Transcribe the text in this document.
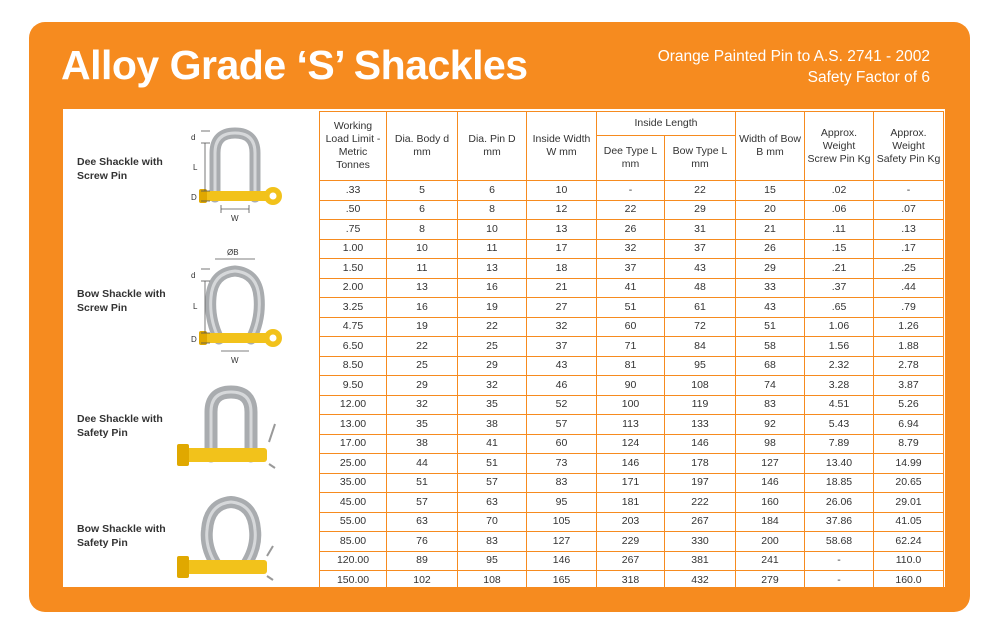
Alloy Grade ‘S’ Shackles	Orange Painted Pin to A.S. 2741 - 2002
Safety Factor of 6
Dee Shackle with Screw Pin
d
L
D
W
Bow Shackle with Screw Pin
ØB
d
L
D
W
Dee Shackle with Safety Pin
Bow Shackle with Safety Pin
Working Load Limit - Metric Tonnes	Dia. Body d mm	Dia. Pin D mm	Inside Width W mm	Inside Length		Width of Bow B mm	Approx. Weight Screw Pin Kg	Approx. Weight Safety Pin Kg
				Dee Type L mm	Bow Type L mm			
.33	5	6	10	-	22	15	.02	-
.50	6	8	12	22	29	20	.06	.07
.75	8	10	13	26	31	21	.11	.13
1.00	10	11	17	32	37	26	.15	.17
1.50	11	13	18	37	43	29	.21	.25
2.00	13	16	21	41	48	33	.37	.44
3.25	16	19	27	51	61	43	.65	.79
4.75	19	22	32	60	72	51	1.06	1.26
6.50	22	25	37	71	84	58	1.56	1.88
8.50	25	29	43	81	95	68	2.32	2.78
9.50	29	32	46	90	108	74	3.28	3.87
12.00	32	35	52	100	119	83	4.51	5.26
13.00	35	38	57	113	133	92	5.43	6.94
17.00	38	41	60	124	146	98	7.89	8.79
25.00	44	51	73	146	178	127	13.40	14.99
35.00	51	57	83	171	197	146	18.85	20.65
45.00	57	63	95	181	222	160	26.06	29.01
55.00	63	70	105	203	267	184	37.86	41.05
85.00	76	83	127	229	330	200	58.68	62.24
120.00	89	95	146	267	381	241	-	110.0
150.00	102	108	165	318	432	279	-	160.0
